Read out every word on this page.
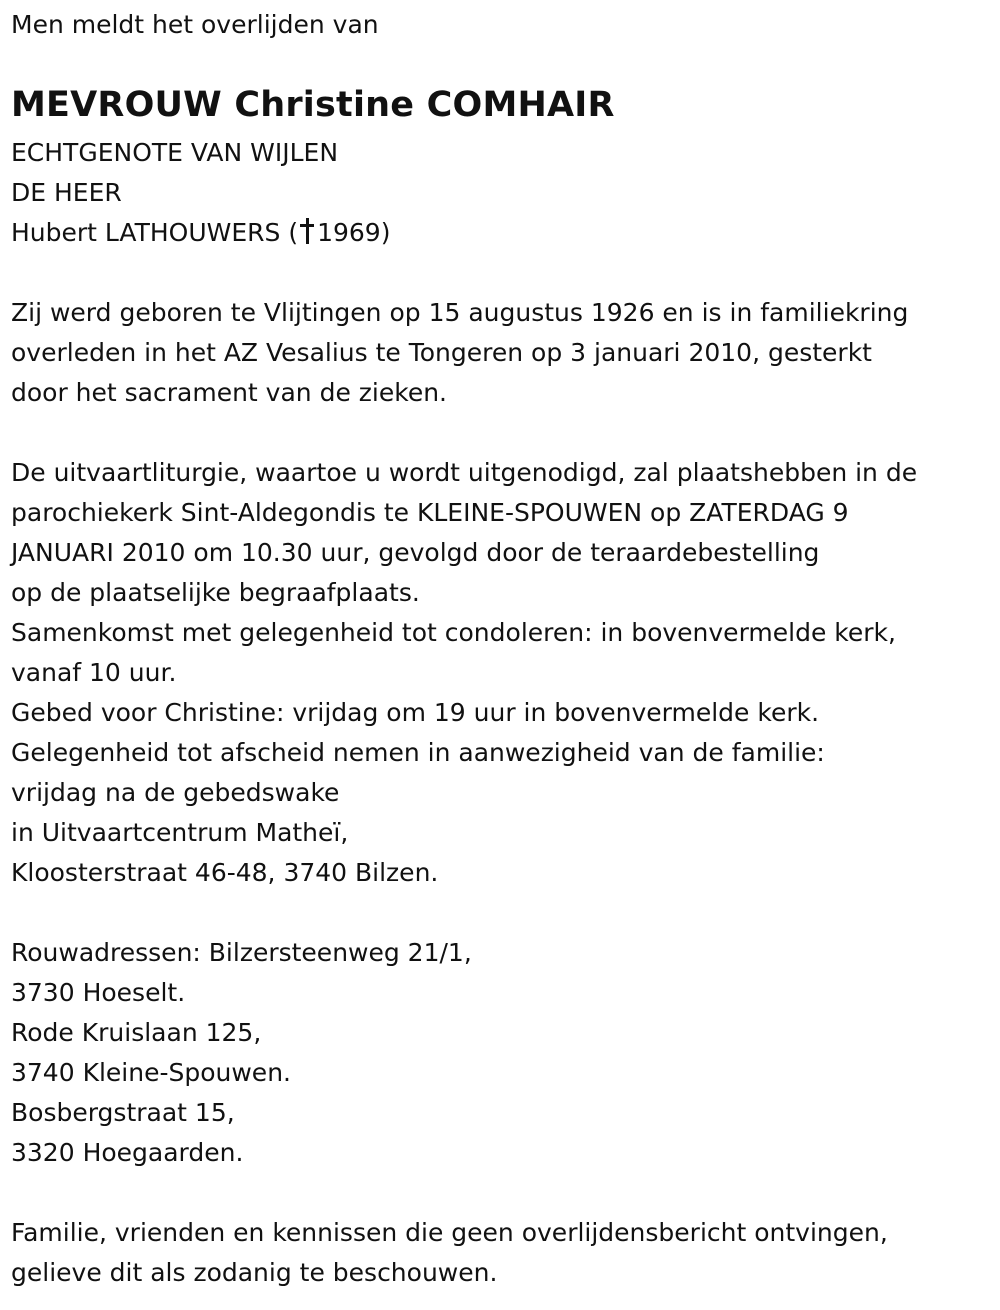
Men meldt het overlijden van
MEVROUW Christine COMHAIR
ECHTGENOTE VAN WIJLEN
DE HEER
Hubert LATHOUWERS ( 1969)
Zij werd geboren te Vlijtingen op 15 augustus 1926 en is in familiekring
overleden in het AZ Vesalius te Tongeren op 3 januari 2010, gesterkt
door het sacrament van de zieken.
De uitvaartliturgie, waartoe u wordt uitgenodigd, zal plaatshebben in de
parochiekerk Sint-Aldegondis te KLEINE-SPOUWEN op ZATERDAG 9
JANUARI 2010 om 10.30 uur, gevolgd door de teraardebestelling
op de plaatselijke begraafplaats.
Samenkomst met gelegenheid tot condoleren: in bovenvermelde kerk,
vanaf 10 uur.
Gebed voor Christine: vrijdag om 19 uur in bovenvermelde kerk.
Gelegenheid tot afscheid nemen in aanwezigheid van de familie:
vrijdag na de gebedswake
in Uitvaartcentrum Matheï,
Kloosterstraat 46-48, 3740 Bilzen.
Rouwadressen: Bilzersteenweg 21/1,
3730 Hoeselt.
Rode Kruislaan 125,
3740 Kleine-Spouwen.
Bosbergstraat 15,
3320 Hoegaarden.
Familie, vrienden en kennissen die geen overlijdensbericht ontvingen,
gelieve dit als zodanig te beschouwen.
